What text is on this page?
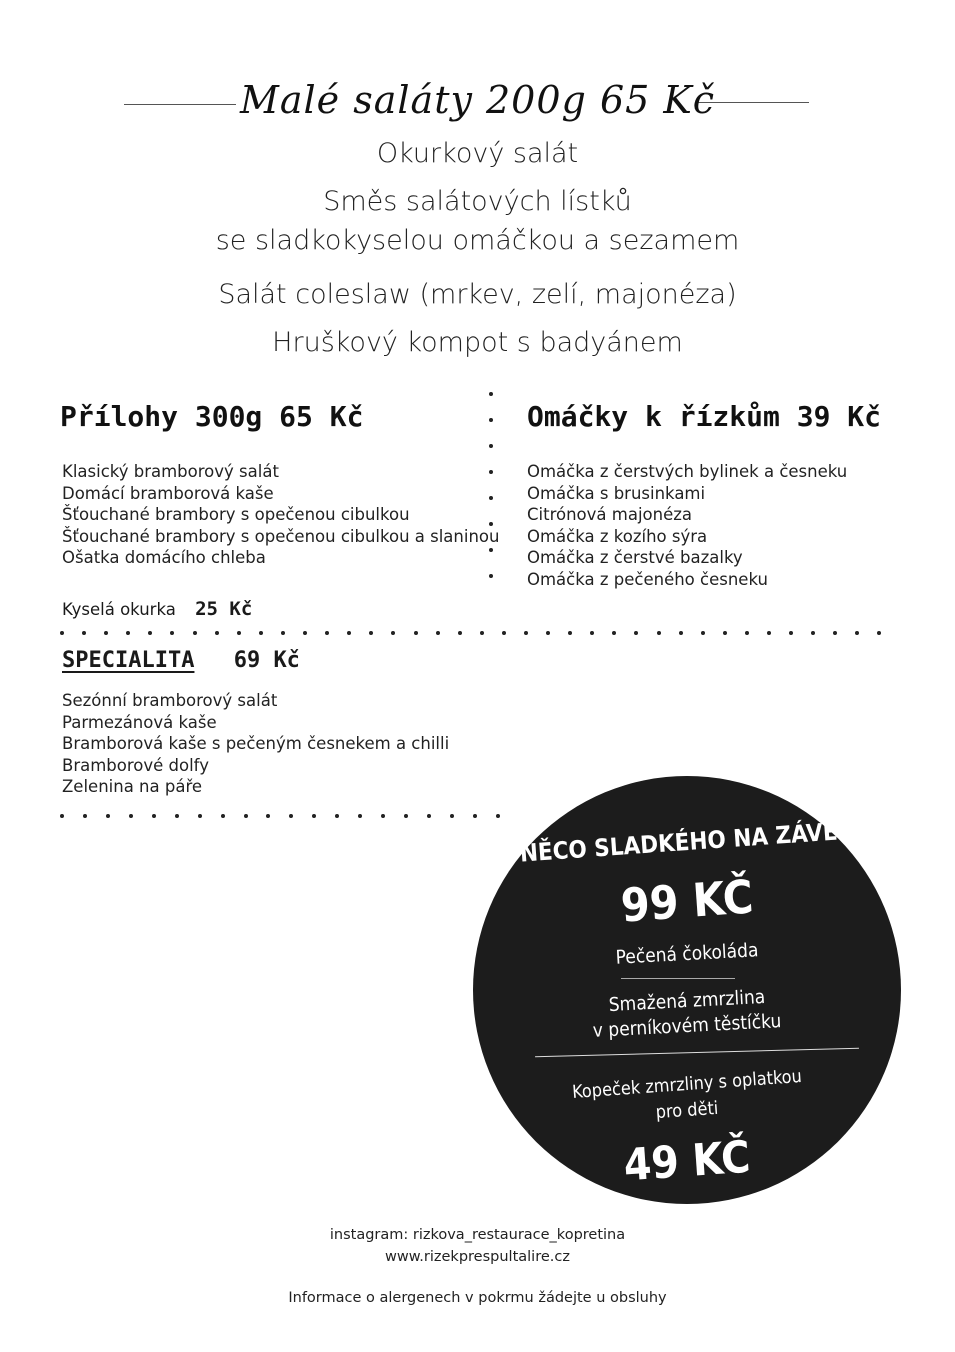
Malé saláty 200g 65 Kč
Okurkový salát
Směs salátových lístků
se sladkokyselou omáčkou a sezamem
Salát coleslaw (mrkev, zelí, majonéza)
Hruškový kompot s badyánem
Přílohy 300g 65 Kč
Klasický bramborový salát
Domácí bramborová kaše
Šťouchané brambory s opečenou cibulkou
Šťouchané brambory s opečenou cibulkou a slaninou
Ošatka domácího chleba
Kyselá okurka 25 Kč
Omáčky k řízkům 39 Kč
Omáčka z čerstvých bylinek a česneku
Omáčka s brusinkami
Citrónová majonéza
Omáčka z kozího sýra
Omáčka z čerstvé bazalky
Omáčka z pečeného česneku
SPECIALITA 69 Kč
Sezónní bramborový salát
Parmezánová kaše
Bramborová kaše s pečeným česnekem a chilli
Bramborové dolfy
Zelenina na páře
NĚCO SLADKÉHO NA ZÁVĚR
99 KČ
Pečená čokoláda
Smažená zmrzlina
v perníkovém těstíčku
Kopeček zmrzliny s oplatkou
pro děti
49 KČ
instagram: rizkova_restaurace_kopretina
www.rizekprespultalire.cz
Informace o alergenech v pokrmu žádejte u obsluhy
